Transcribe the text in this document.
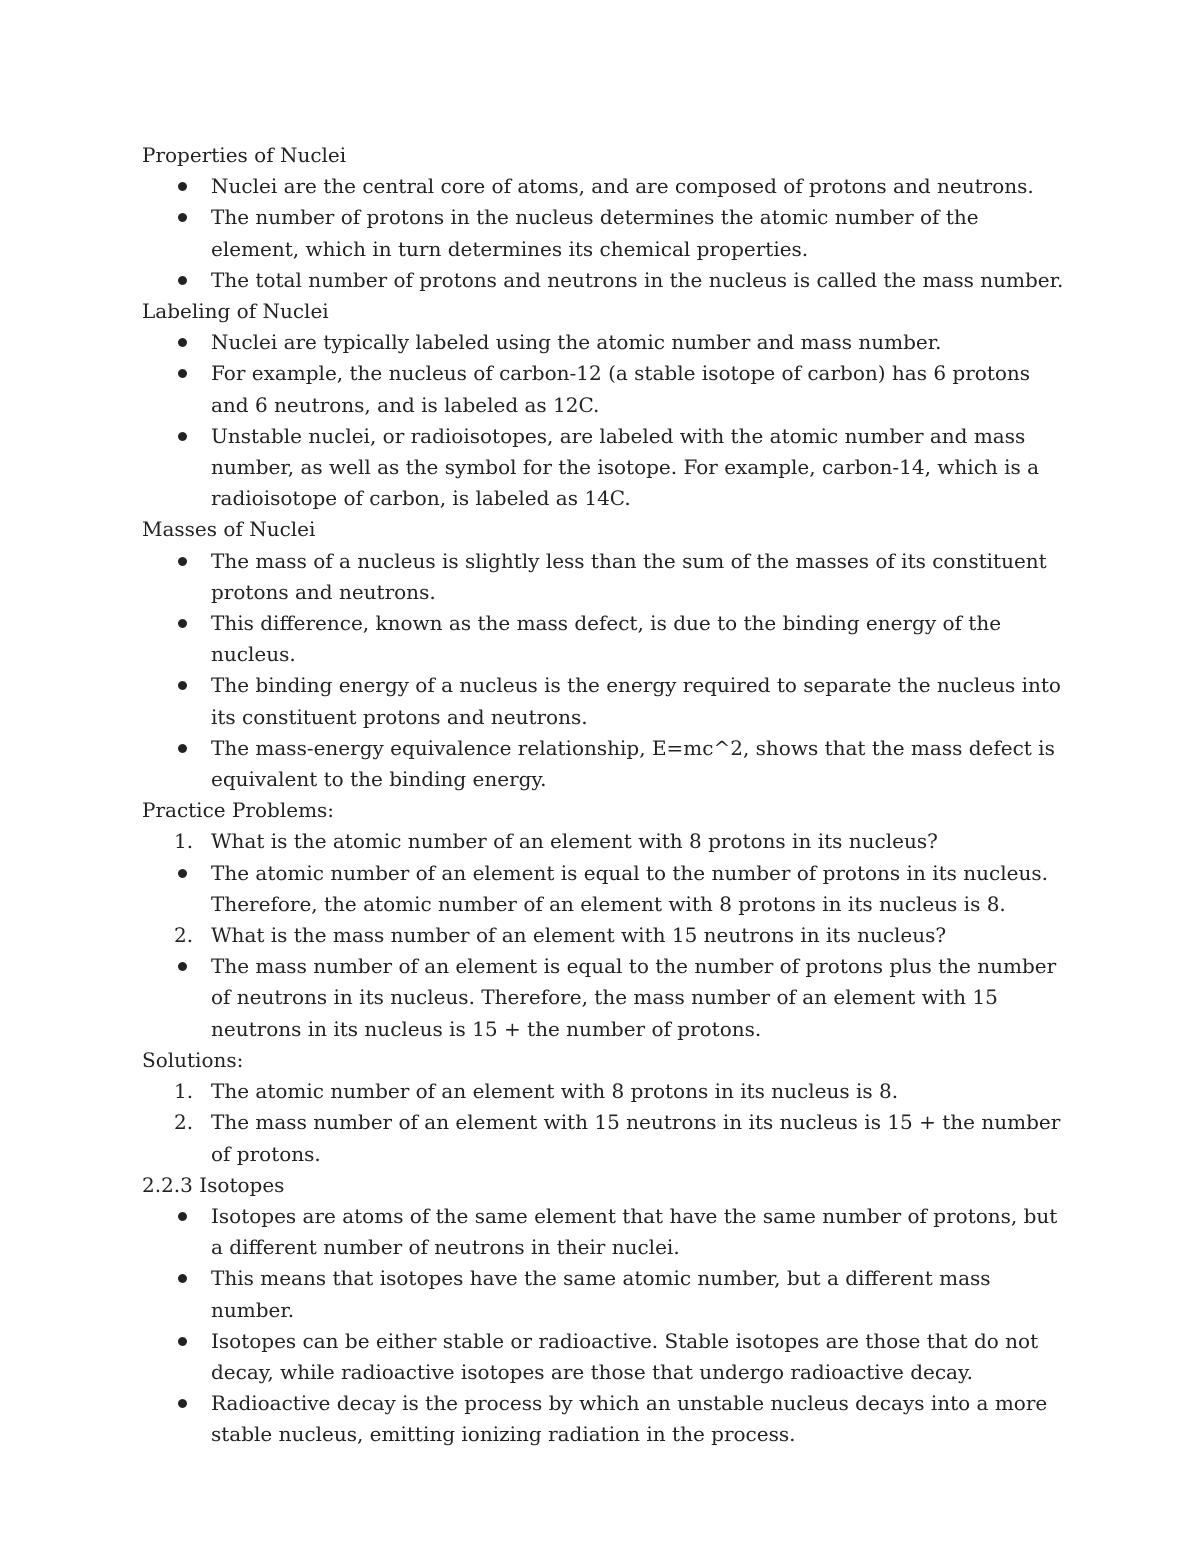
Properties of Nuclei
Nuclei are the central core of atoms, and are composed of protons and neutrons.
The number of protons in the nucleus determines the atomic number of the element, which in turn determines its chemical properties.
The total number of protons and neutrons in the nucleus is called the mass number.
Labeling of Nuclei
Nuclei are typically labeled using the atomic number and mass number.
For example, the nucleus of carbon-12 (a stable isotope of carbon) has 6 protons and 6 neutrons, and is labeled as 12C.
Unstable nuclei, or radioisotopes, are labeled with the atomic number and mass number, as well as the symbol for the isotope. For example, carbon-14, which is a radioisotope of carbon, is labeled as 14C.
Masses of Nuclei
The mass of a nucleus is slightly less than the sum of the masses of its constituent protons and neutrons.
This difference, known as the mass defect, is due to the binding energy of the nucleus.
The binding energy of a nucleus is the energy required to separate the nucleus into its constituent protons and neutrons.
The mass-energy equivalence relationship, E=mc^2, shows that the mass defect is equivalent to the binding energy.
Practice Problems:
1. What is the atomic number of an element with 8 protons in its nucleus?
The atomic number of an element is equal to the number of protons in its nucleus. Therefore, the atomic number of an element with 8 protons in its nucleus is 8.
2. What is the mass number of an element with 15 neutrons in its nucleus?
The mass number of an element is equal to the number of protons plus the number of neutrons in its nucleus. Therefore, the mass number of an element with 15 neutrons in its nucleus is 15 + the number of protons.
Solutions:
1. The atomic number of an element with 8 protons in its nucleus is 8.
2. The mass number of an element with 15 neutrons in its nucleus is 15 + the number of protons.
2.2.3 Isotopes
Isotopes are atoms of the same element that have the same number of protons, but a different number of neutrons in their nuclei.
This means that isotopes have the same atomic number, but a different mass number.
Isotopes can be either stable or radioactive. Stable isotopes are those that do not decay, while radioactive isotopes are those that undergo radioactive decay.
Radioactive decay is the process by which an unstable nucleus decays into a more stable nucleus, emitting ionizing radiation in the process.
